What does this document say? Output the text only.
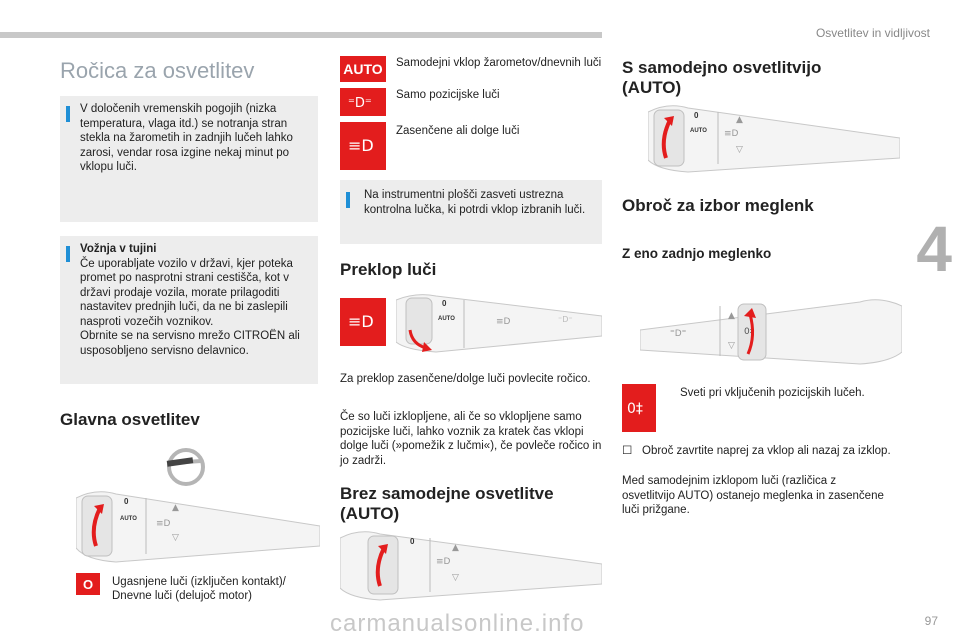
Osvetlitev in vidljivost
4
97
carmanualsonline.info
Ročica za osvetlitev
V določenih vremenskih pogojih (nizka temperatura, vlaga itd.) se notranja stran stekla na žarometih in zadnjih lučeh lahko zarosi, vendar rosa izgine nekaj minut po vklopu luči.
Vožnja v tujini
Če uporabljate vozilo v državi, kjer poteka promet po nasprotni strani cestišča, kot v državi prodaje vozila, morate prilagoditi nastavitev prednjih luči, da ne bi zaslepili nasproti vozečih voznikov.
Obrnite se na servisno mrežo CITROËN ali usposobljeno servisno delavnico.
Glavna osvetlitev
0
AUTO ≡D
▲
▽
O Ugasnjene luči (izključen kontakt)/ Dnevne luči (delujoč motor)
AUTO Samodejni vklop žarometov/dnevnih luči
⁼D⁼
Samo pozicijske luči
≡D
Zasenčene ali dolge luči
Na instrumentni plošči zasveti ustrezna kontrolna lučka, ki potrdi vklop izbranih luči.
Preklop luči
≡D
0
AUTO	≡D	⁼D⁼
Za preklop zasenčene/dolge luči povlecite ročico.
Če so luči izklopljene, ali če so vklopljene samo pozicijske luči, lahko voznik za kratek čas vklopi dolge luči (»pomežik z lučmi«), če povleče ročico in jo zadrži.
Brez samodejne osvetlitve (AUTO)
0
≡D
▲
▽
S samodejno osvetlitvijo (AUTO)
0
AUTO ≡D
▲
▽
Obroč za izbor meglenk
Z eno zadnjo meglenko
⁼D⁼
▲
▽
0‡
0‡
Sveti pri vključenih pozicijskih lučeh.
☐ Obroč zavrtite naprej za vklop ali nazaj za izklop.
Med samodejnim izklopom luči (različica z osvetlitvijo AUTO) ostanejo meglenka in zasenčene luči prižgane.
